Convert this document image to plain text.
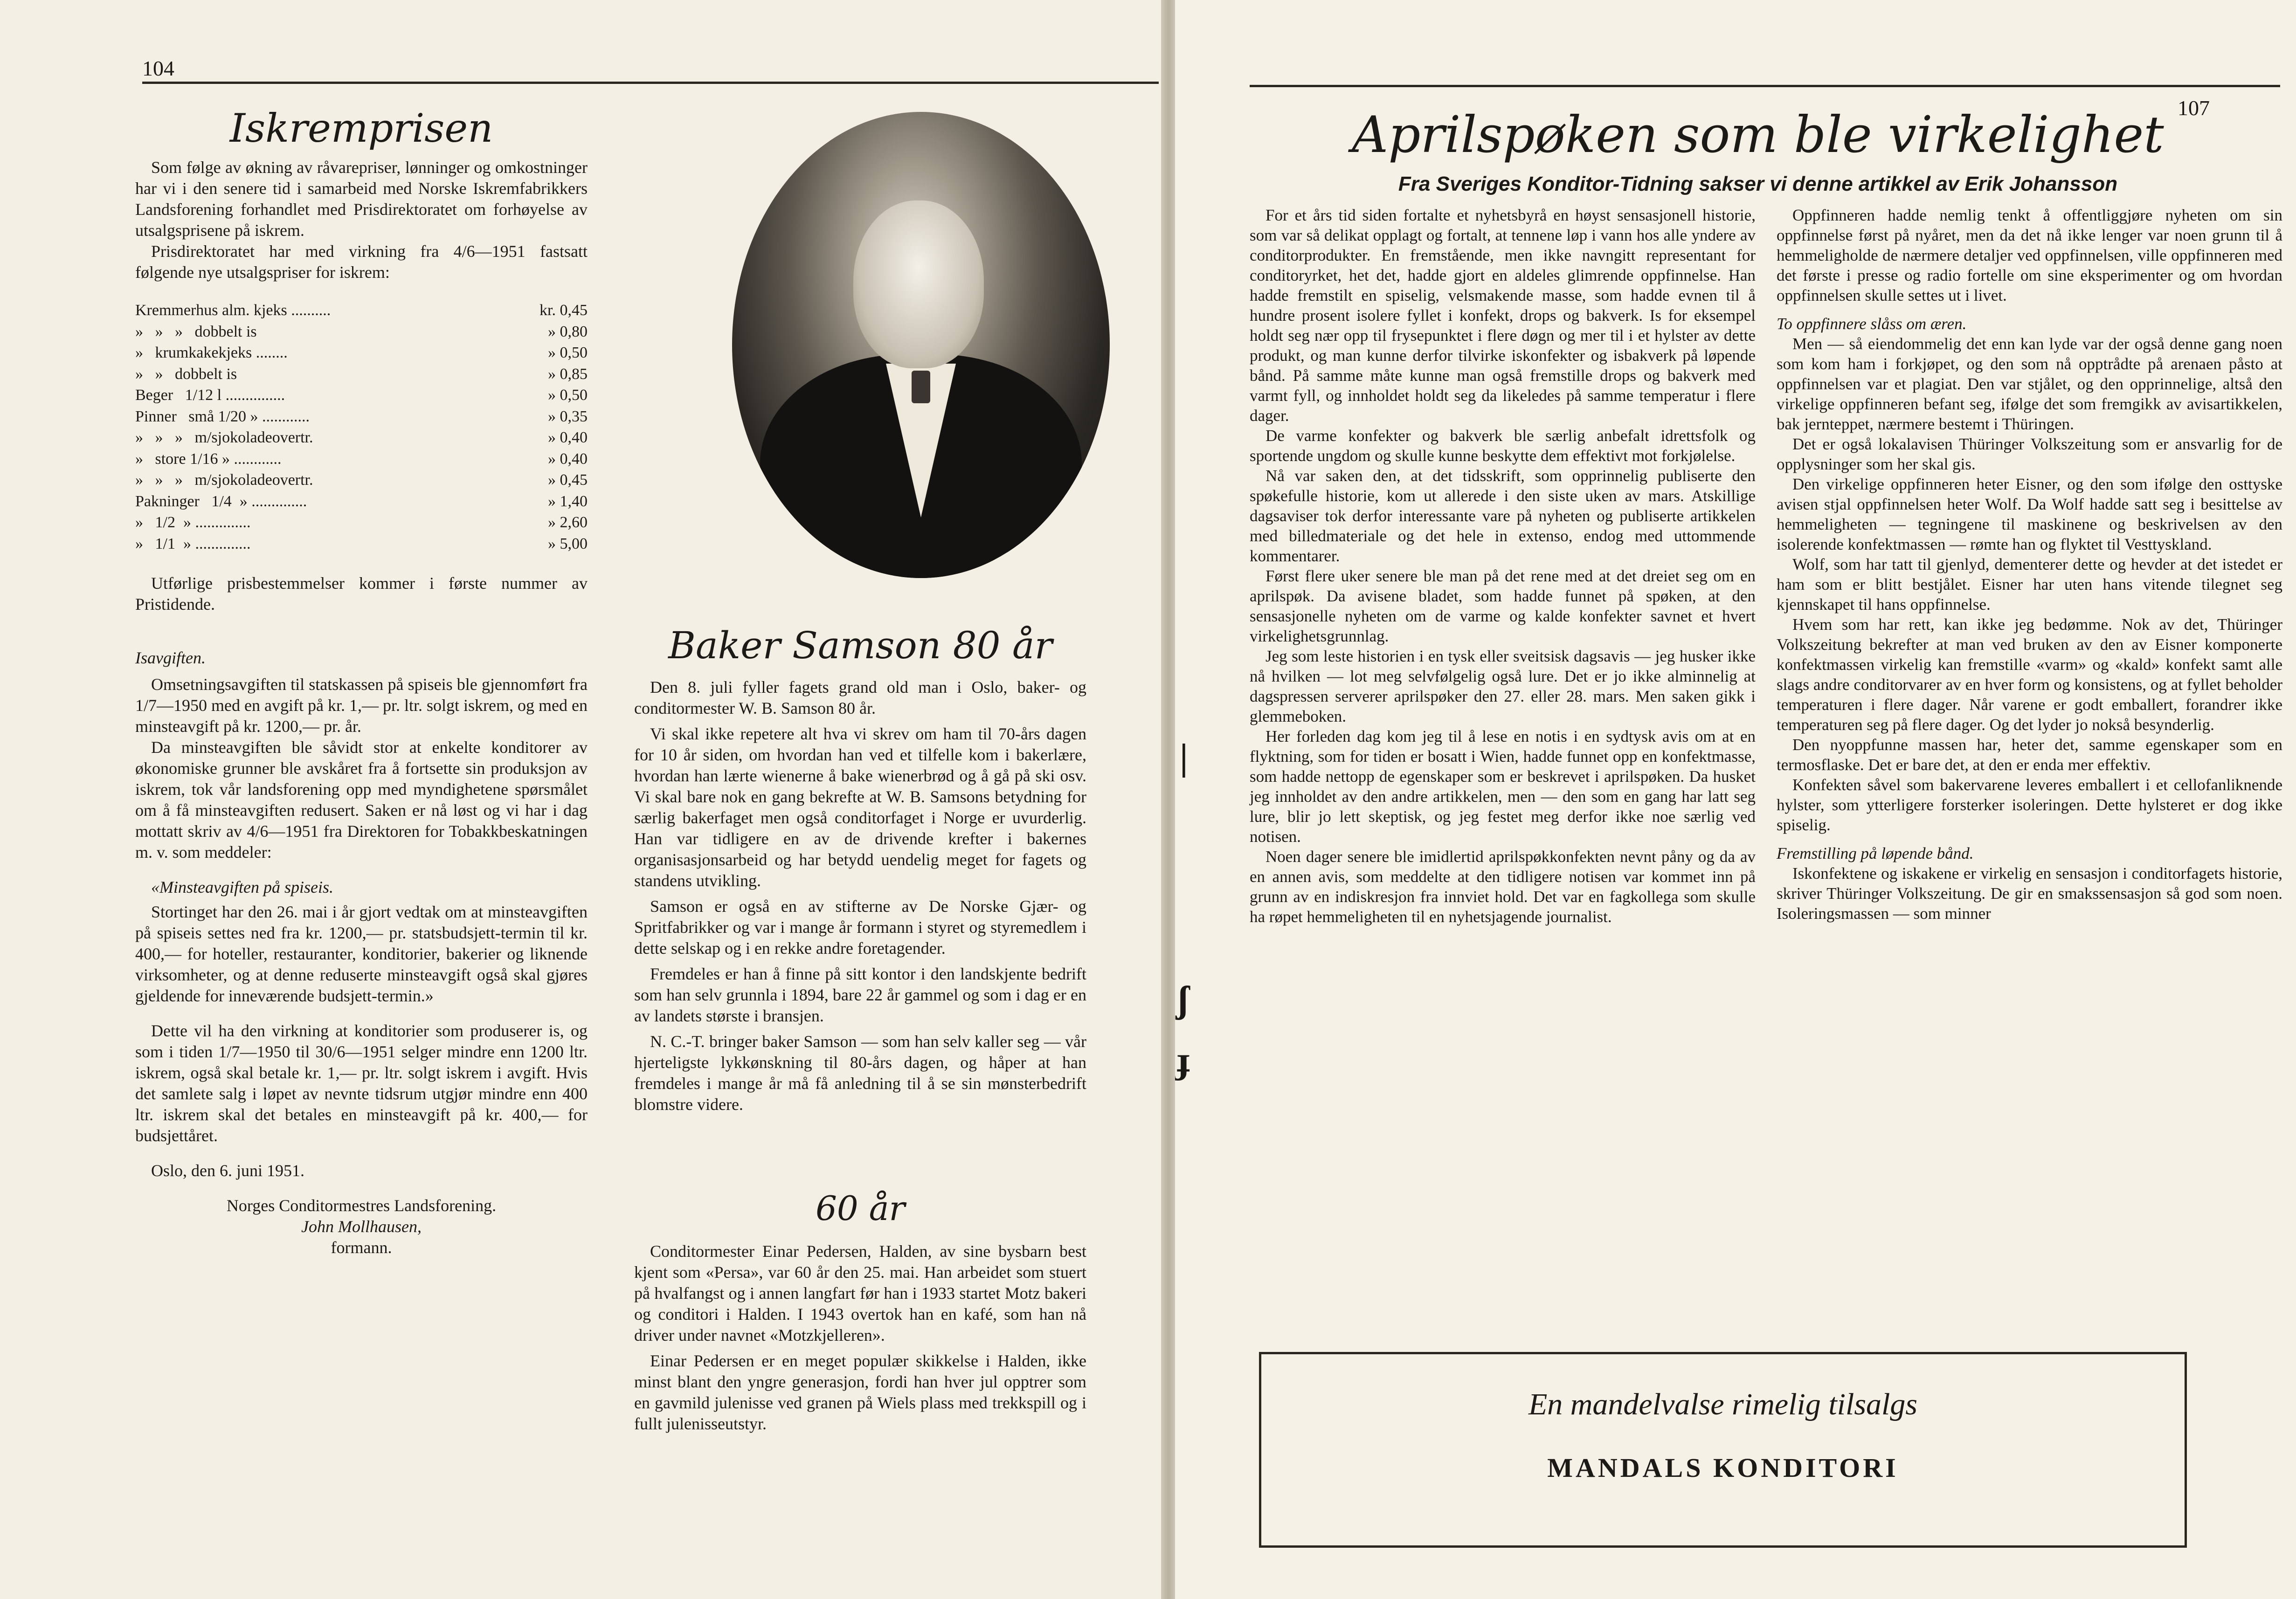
104
Iskremprisen

Som følge av økning av råvarepriser, lønninger og omkostninger har vi i den senere tid i samarbeid med Norske Iskremfabrikkers Landsforening forhandlet med Prisdirektoratet om forhøyelse av utsalgsprisene på iskrem.

Prisdirektoratet har med virkning fra 4/6—1951 fastsatt følgende nye utsalgspriser for iskrem:

Kremmerhus alm. kjeks ..........	kr. 0,45
»   »   »   dobbelt is	» 0,80
»   krumkakekjeks ........	» 0,50
»   »   dobbelt is	» 0,85
Beger   1/12 l ...............	» 0,50
Pinner   små 1/20 » ............	» 0,35
»   »   »   m/sjokoladeovertr.	» 0,40
»   store 1/16 » ............	» 0,40
»   »   »   m/sjokoladeovertr.	» 0,45
Pakninger   1/4  » ..............	» 1,40
»   1/2  » ..............	» 2,60
»   1/1  » ..............	» 5,00

Utførlige prisbestemmelser kommer i første nummer av Pristidende.

Isavgiften.

Omsetningsavgiften til statskassen på spiseis ble gjennomført fra 1/7—1950 med en avgift på kr. 1,— pr. ltr. solgt iskrem, og med en minsteavgift på kr. 1200,— pr. år.

Da minsteavgiften ble såvidt stor at enkelte konditorer av økonomiske grunner ble avskåret fra å fortsette sin produksjon av iskrem, tok vår landsforening opp med myndighetene spørsmålet om å få minsteavgiften redusert. Saken er nå løst og vi har i dag mottatt skriv av 4/6—1951 fra Direktoren for Tobakkbeskatningen m. v. som meddeler:

«Minsteavgiften på spiseis.

Stortinget har den 26. mai i år gjort vedtak om at minsteavgiften på spiseis settes ned fra kr. 1200,— pr. statsbudsjett-termin til kr. 400,— for hoteller, restauranter, konditorier, bakerier og liknende virksomheter, og at denne reduserte minsteavgift også skal gjøres gjeldende for inneværende budsjett-termin.»

Dette vil ha den virkning at konditorier som produserer is, og som i tiden 1/7—1950 til 30/6—1951 selger mindre enn 1200 ltr. iskrem, også skal betale kr. 1,— pr. ltr. solgt iskrem i avgift. Hvis det samlete salg i løpet av nevnte tidsrum utgjør mindre enn 400 ltr. iskrem skal det betales en minsteavgift på kr. 400,— for budsjettåret.

Oslo, den 6. juni 1951.

Norges Conditormestres Landsforening.

John Mollhausen,

formann.

Baker Samson 80 år

Den 8. juli fyller fagets grand old man i Oslo, baker- og conditormester W. B. Samson 80 år.

Vi skal ikke repetere alt hva vi skrev om ham til 70-års dagen for 10 år siden, om hvordan han ved et tilfelle kom i bakerlære, hvordan han lærte wienerne å bake wienerbrød og å gå på ski osv. Vi skal bare nok en gang bekrefte at W. B. Samsons betydning for særlig bakerfaget men også conditorfaget i Norge er uvurderlig. Han var tidligere en av de drivende krefter i bakernes organisasjonsarbeid og har betydd uendelig meget for fagets og standens utvikling.

Samson er også en av stifterne av De Norske Gjær- og Spritfabrikker og var i mange år formann i styret og styremedlem i dette selskap og i en rekke andre foretagender.

Fremdeles er han å finne på sitt kontor i den landskjente bedrift som han selv grunnla i 1894, bare 22 år gammel og som i dag er en av landets største i bransjen.

N. C.-T. bringer baker Samson — som han selv kaller seg — vår hjerteligste lykkønskning til 80-års dagen, og håper at han fremdeles i mange år må få anledning til å se sin mønsterbedrift blomstre videre.

60 år

Conditormester Einar Pedersen, Halden, av sine bysbarn best kjent som «Persa», var 60 år den 25. mai. Han arbeidet som stuert på hvalfangst og i annen langfart før han i 1933 startet Motz bakeri og conditori i Halden. I 1943 overtok han en kafé, som han nå driver under navnet «Motzkjelleren».

Einar Pedersen er en meget populær skikkelse i Halden, ikke minst blant den yngre generasjon, fordi han hver jul opptrer som en gavmild julenisse ved granen på Wiels plass med trekkspill og i fullt julenisseutstyr.

107
Aprilspøken som ble virkelighet
Fra Sveriges Konditor-Tidning sakser vi denne artikkel av Erik Johansson

For et års tid siden fortalte et nyhetsbyrå en høyst sensasjonell historie, som var så delikat opplagt og fortalt, at tennene løp i vann hos alle yndere av conditorprodukter. En fremstående, men ikke navngitt representant for conditoryrket, het det, hadde gjort en aldeles glimrende oppfinnelse. Han hadde fremstilt en spiselig, velsmakende masse, som hadde evnen til å hundre prosent isolere fyllet i konfekt, drops og bakverk. Is for eksempel holdt seg nær opp til frysepunktet i flere døgn og mer til i et hylster av dette produkt, og man kunne derfor tilvirke iskonfekter og isbakverk på løpende bånd. På samme måte kunne man også fremstille drops og bakverk med varmt fyll, og innholdet holdt seg da likeledes på samme temperatur i flere dager.

De varme konfekter og bakverk ble særlig anbefalt idrettsfolk og sportende ungdom og skulle kunne beskytte dem effektivt mot forkjølelse.

Nå var saken den, at det tidsskrift, som opprinnelig publiserte den spøkefulle historie, kom ut allerede i den siste uken av mars. Atskillige dagsaviser tok derfor interessante vare på nyheten og publiserte artikkelen med billedmateriale og det hele in extenso, endog med uttommende kommentarer.

Først flere uker senere ble man på det rene med at det dreiet seg om en aprilspøk. Da avisene bladet, som hadde funnet på spøken, at den sensasjonelle nyheten om de varme og kalde konfekter savnet et hvert virkelighetsgrunnlag.

Jeg som leste historien i en tysk eller sveitsisk dagsavis — jeg husker ikke nå hvilken — lot meg selvfølgelig også lure. Det er jo ikke alminnelig at dagspressen serverer aprilspøker den 27. eller 28. mars. Men saken gikk i glemmeboken.

Her forleden dag kom jeg til å lese en notis i en sydtysk avis om at en flyktning, som for tiden er bosatt i Wien, hadde funnet opp en konfektmasse, som hadde nettopp de egenskaper som er beskrevet i aprilspøken. Da husket jeg innholdet av den andre artikkelen, men — den som en gang har latt seg lure, blir jo lett skeptisk, og jeg festet meg derfor ikke noe særlig ved notisen.

Noen dager senere ble imidlertid aprilspøkkonfekten nevnt påny og da av en annen avis, som meddelte at den tidligere notisen var kommet inn på grunn av en indiskresjon fra innviet hold. Det var en fagkollega som skulle ha røpet hemmeligheten til en nyhetsjagende journalist.

Oppfinneren hadde nemlig tenkt å offentliggjøre nyheten om sin oppfinnelse først på nyåret, men da det nå ikke lenger var noen grunn til å hemmeligholde de nærmere detaljer ved oppfinnelsen, ville oppfinneren med det første i presse og radio fortelle om sine eksperimenter og om hvordan oppfinnelsen skulle settes ut i livet.

To oppfinnere slåss om æren.

Men — så eiendommelig det enn kan lyde var der også denne gang noen som kom ham i forkjøpet, og den som nå opptrådte på arenaen påsto at oppfinnelsen var et plagiat. Den var stjålet, og den opprinnelige, altså den virkelige oppfinneren befant seg, ifølge det som fremgikk av avisartikkelen, bak jernteppet, nærmere bestemt i Thüringen.

Det er også lokalavisen Thüringer Volkszeitung som er ansvarlig for de opplysninger som her skal gis.

Den virkelige oppfinneren heter Eisner, og den som ifølge den osttyske avisen stjal oppfinnelsen heter Wolf. Da Wolf hadde satt seg i besittelse av hemmeligheten — tegningene til maskinene og beskrivelsen av den isolerende konfektmassen — rømte han og flyktet til Vesttyskland.

Wolf, som har tatt til gjenlyd, dementerer dette og hevder at det istedet er ham som er blitt bestjålet. Eisner har uten hans vitende tilegnet seg kjennskapet til hans oppfinnelse.

Hvem som har rett, kan ikke jeg bedømme. Nok av det, Thüringer Volkszeitung bekrefter at man ved bruken av den av Eisner komponerte konfektmassen virkelig kan fremstille «varm» og «kald» konfekt samt alle slags andre conditorvarer av en hver form og konsistens, og at fyllet beholder temperaturen i flere dager. Når varene er godt emballert, forandrer ikke temperaturen seg på flere dager. Og det lyder jo nokså besynderlig.

Den nyoppfunne massen har, heter det, samme egenskaper som en termosflaske. Det er bare det, at den er enda mer effektiv.

Konfekten såvel som bakervarene leveres emballert i et cellofanliknende hylster, som ytterligere forsterker isoleringen. Dette hylsteret er dog ikke spiselig.

Fremstilling på løpende bånd.

Iskonfektene og iskakene er virkelig en sensasjon i conditorfagets historie, skriver Thüringer Volkszeitung. De gir en smakssensasjon så god som noen. Isoleringsmassen — som minner

|
ʃ
ɟ
En mandelvalse rimelig tilsalgs
MANDALS KONDITORI
